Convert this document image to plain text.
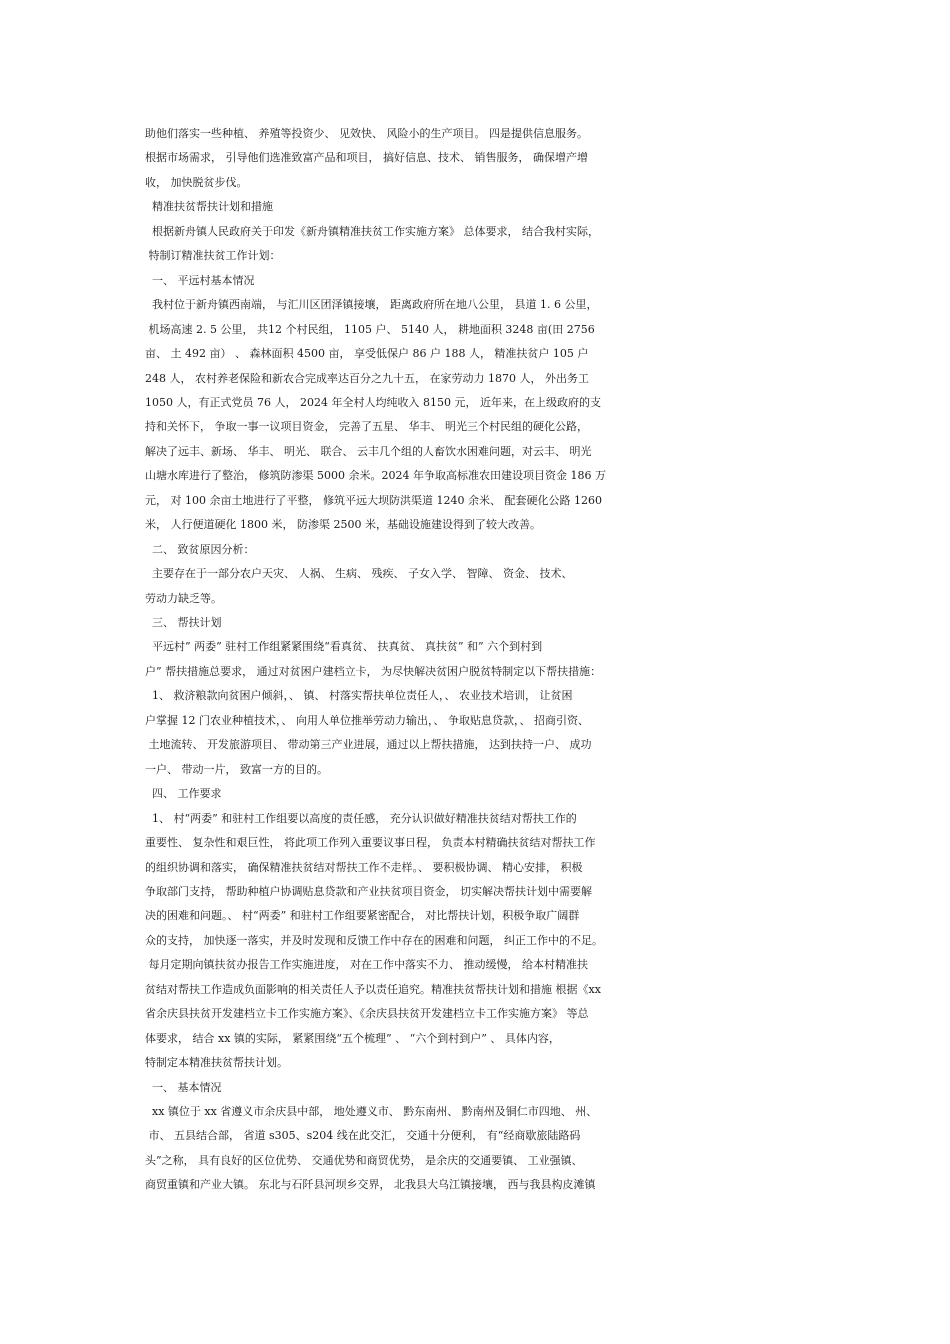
助他们落实一些种植、 养殖等投资少、 见效快、 风险小的生产项目。 四是提供信息服务。
根据市场需求， 引导他们选准致富产品和项目， 搞好信息、技术、 销售服务， 确保增产增
收， 加快脱贫步伐。
精准扶贫帮扶计划和措施
根据新舟镇人民政府关于印发《新舟镇精准扶贫工作实施方案》 总体要求， 结合我村实际，
特制订精准扶贫工作计划：
一、 平远村基本情况
我村位于新舟镇西南端， 与汇川区团泽镇接壤， 距离政府所在地八公里， 县道 1. 6 公里，
机场高速 2. 5 公里， 共12 个村民组， 1105 户、 5140 人， 耕地面积 3248 亩(田 2756
亩、 土 492 亩） 、 森林面积 4500 亩， 享受低保户 86 户 188 人， 精准扶贫户 105 户
248 人， 农村养老保险和新农合完成率达百分之九十五， 在家劳动力 1870 人， 外出务工
1050 人，有正式党员 76 人， 2024 年全村人均纯收入 8150 元， 近年来，在上级政府的支
持和关怀下， 争取一事一议项目资金， 完善了五星、 华丰、 明光三个村民组的硬化公路，
解决了远丰、新场、 华丰、 明光、 联合、 云丰几个组的人畜饮水困难问题，对云丰、 明光
山塘水库进行了整治， 修筑防渗渠 5000 余米。2024 年争取高标准农田建设项目资金 186 万
元， 对 100 余亩土地进行了平整， 修筑平远大坝防洪渠道 1240 余米、 配套硬化公路 1260
米， 人行便道硬化 1800 米， 防渗渠 2500 米，基础设施建设得到了较大改善。
二、 致贫原因分析：
主要存在于一部分农户天灾、 人祸、 生病、 残疾、 子女入学、 智障、 资金、 技术、
劳动力缺乏等。
三、 帮扶计划
平远村” 两委” 驻村工作组紧紧围绕“看真贫、 扶真贫、 真扶贫” 和” 六个到村到
户” 帮扶措施总要求， 通过对贫困户建档立卡， 为尽快解决贫困户脱贫特制定以下帮扶措施：
1、 救济粮款向贫困户倾斜，、 镇、 村落实帮扶单位责任人，、 农业技术培训， 让贫困
户掌握 12 门农业种植技术，、 向用人单位推举劳动力输出，、 争取贴息贷款，、 招商引资、
土地流转、 开发旅游项目、 带动第三产业进展，通过以上帮扶措施， 达到扶持一户、 成功
一户、 带动一片， 致富一方的目的。
四、 工作要求
1、 村“两委” 和驻村工作组要以高度的责任感， 充分认识做好精准扶贫结对帮扶工作的
重要性、 复杂性和艰巨性， 将此项工作列入重要议事日程， 负责本村精确扶贫结对帮扶工作
的组织协调和落实， 确保精准扶贫结对帮扶工作不走样。、 要积极协调、 精心安排， 积极
争取部门支持， 帮助种植户协调贴息贷款和产业扶贫项目资金， 切实解决帮扶计划中需要解
决的困难和问题。、 村“两委” 和驻村工作组要紧密配合， 对比帮扶计划，积极争取广阔群
众的支持， 加快逐一落实，并及时发现和反馈工作中存在的困难和问题， 纠正工作中的不足。
每月定期向镇扶贫办报告工作实施进度， 对在工作中落实不力、 推动缓慢， 给本村精准扶
贫结对帮扶工作造成负面影响的相关责任人予以责任追究。精准扶贫帮扶计划和措施 根据《xx
省余庆县扶贫开发建档立卡工作实施方案》、《余庆县扶贫开发建档立卡工作实施方案》 等总
体要求， 结合 xx 镇的实际， 紧紧围绕“五个梳理” 、 “六个到村到户” 、 具体内容，
特制定本精准扶贫帮扶计划。
一、 基本情况
xx 镇位于 xx 省遵义市余庆县中部， 地处遵义市、 黔东南州、 黔南州及铜仁市四地、 州、
市、 五县结合部， 省道 s305、s204 线在此交汇， 交通十分便利， 有“经商歇旅陆路码
头”之称， 具有良好的区位优势、 交通优势和商贸优势， 是余庆的交通要镇、 工业强镇、
商贸重镇和产业大镇。 东北与石阡县河坝乡交界， 北我县大乌江镇接壤， 西与我县构皮滩镇
